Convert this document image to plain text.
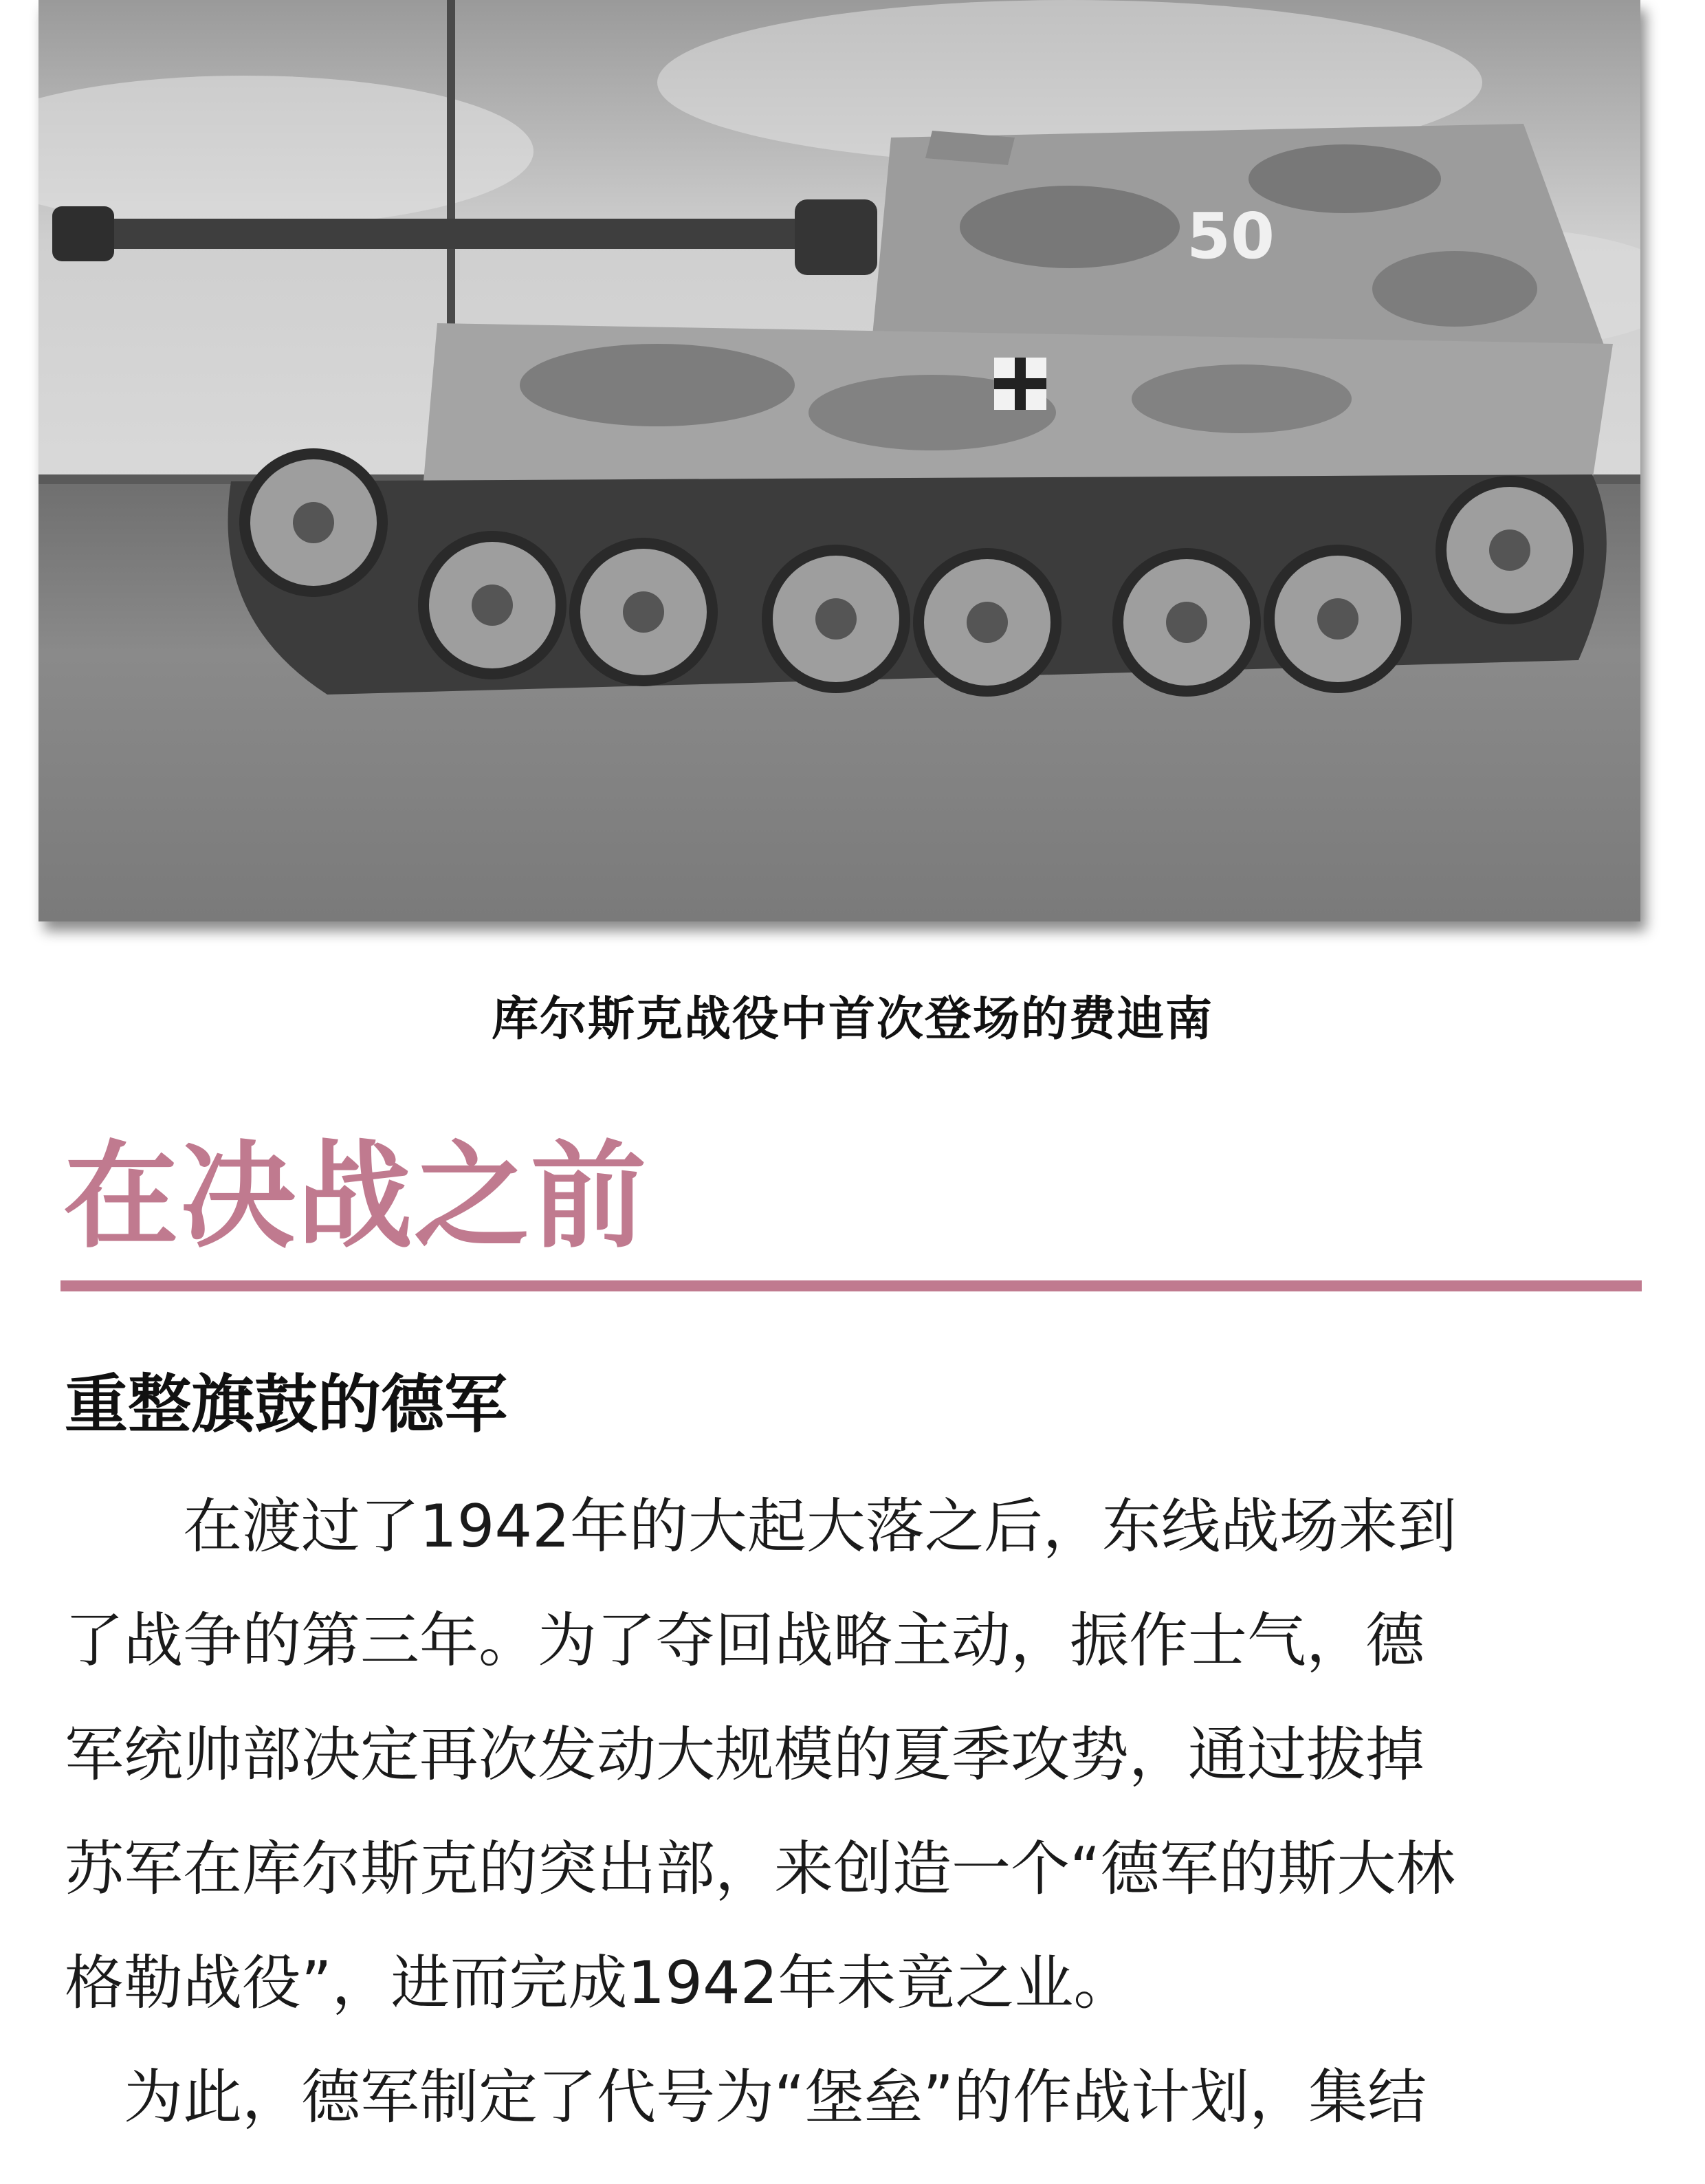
50
库尔斯克战役中首次登场的费迪南
在决战之前
重整旗鼓的德军
　　在渡过了1942年的大起大落之后，东线战场来到
了战争的第三年。为了夺回战略主动，振作士气，德
军统帅部决定再次发动大规模的夏季攻势，通过拔掉
苏军在库尔斯克的突出部，来创造一个“德军的斯大林
格勒战役”，进而完成1942年未竟之业。
　为此，德军制定了代号为“堡垒”的作战计划，集结
